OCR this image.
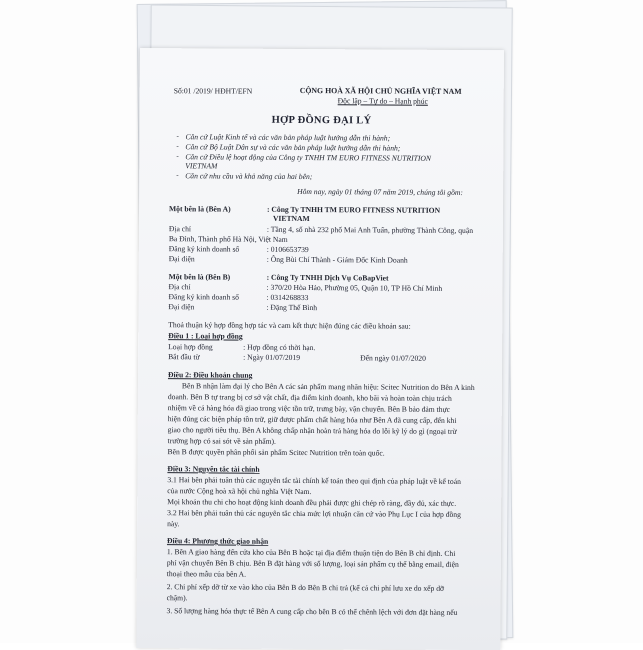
Số:01 /2019/ HĐHT/EFN	CỘNG HOÀ XÃ HỘI CHỦ NGHĨA VIỆT NAM
Độc lập – Tự do – Hạnh phúc
HỢP ĐỒNG ĐẠI LÝ
- Căn cứ Luật Kinh tế và các văn bản pháp luật hướng dẫn thi hành;
- Căn cứ Bộ Luật Dân sự và các văn bản pháp luật hướng dẫn thi hành;
- Căn cứ Điều lệ hoạt động của Công ty TNHH TM EURO FITNESS NUTRITION
VIETNAM
- Căn cứ nhu cầu và khả năng của hai bên;
Hôm nay, ngày 01 tháng 07 năm 2019, chúng tôi gồm:
Một bên là (Bên A)	: Công Ty TNHH TM EURO FITNESS NUTRITION
VIETNAM
Địa chỉ	: Tầng 4, số nhà 232 phố Mai Anh Tuấn, phường Thành Công, quận
Ba Đình, Thành phố Hà Nội, Việt Nam
Đăng ký kinh doanh số	: 0106653739
Đại diện	: Ông Bùi Chí Thành - Giám Đốc Kinh Doanh
Một bên là (Bên B)	: Công Ty TNHH Dịch Vụ CoBapViet
Địa chỉ	: 370/20 Hòa Hảo, Phường 05, Quận 10, TP Hồ Chí Minh
Đăng ký kinh doanh số	: 0314268833
Đại diện	: Đặng Thế Bình
Thoả thuận ký hợp đồng hợp tác và cam kết thực hiện đúng các điều khoản sau:
Điều 1 : Loại hợp đồng
Loại hợp đồng	: Hợp đồng có thời hạn.
Bắt đầu từ	: Ngày 01/07/2019	Đến ngày 01/07/2020
Điều 2: Điều khoản chung
Bên B nhận làm đại lý cho Bên A các sản phẩm mang nhãn hiệu: Scitec Nutrition do Bên A kinh
doanh. Bên B tự trang bị cơ sở vật chất, địa điểm kinh doanh, kho bãi và hoàn toàn chịu trách
nhiệm về cả hàng hóa đã giao trong việc tồn trữ, trưng bày, vận chuyển. Bên B bảo đảm thực
hiện đúng các biện pháp tồn trữ, giữ được phẩm chất hàng hóa như Bên A đã cung cấp, đến khi
giao cho người tiêu thụ. Bên A không chấp nhận hoàn trả hàng hóa do lỗi kỹ lý do gì (ngoại trừ
trường hợp có sai sót về sản phẩm).
Bên B được quyền phân phối sản phẩm Scitec Nutrition trên toàn quốc.
Điều 3: Nguyên tắc tài chính
3.1 Hai bên phải tuân thủ các nguyên tắc tài chính kế toán theo qui định của pháp luật về kế toán
của nước Cộng hoà xã hội chủ nghĩa Việt Nam.
Mọi khoản thu chi cho hoạt động kinh doanh đều phải được ghi chép rõ ràng, đầy đủ, xác thực.
3.2 Hai bên phải tuân thủ các nguyên tắc chia mức lợi nhuận căn cứ vào Phụ Lục I của hợp đồng
này.
Điều 4: Phương thức giao nhận
1. Bên A giao hàng đến cửa kho của Bên B hoặc tại địa điểm thuận tiện do Bên B chỉ định. Chi
phí vận chuyển Bên B chịu. Bên B đặt hàng với số lượng, loại sản phẩm cụ thể bằng email, điện
thoại theo mẫu của bên A.
2. Chi phí xếp dỡ từ xe vào kho của Bên B do Bên B chi trả (kể cả chi phí lưu xe do xếp dỡ
chậm).
3. Số lượng hàng hóa thực tế Bên A cung cấp cho bên B có thể chênh lệch với đơn đặt hàng nếu
